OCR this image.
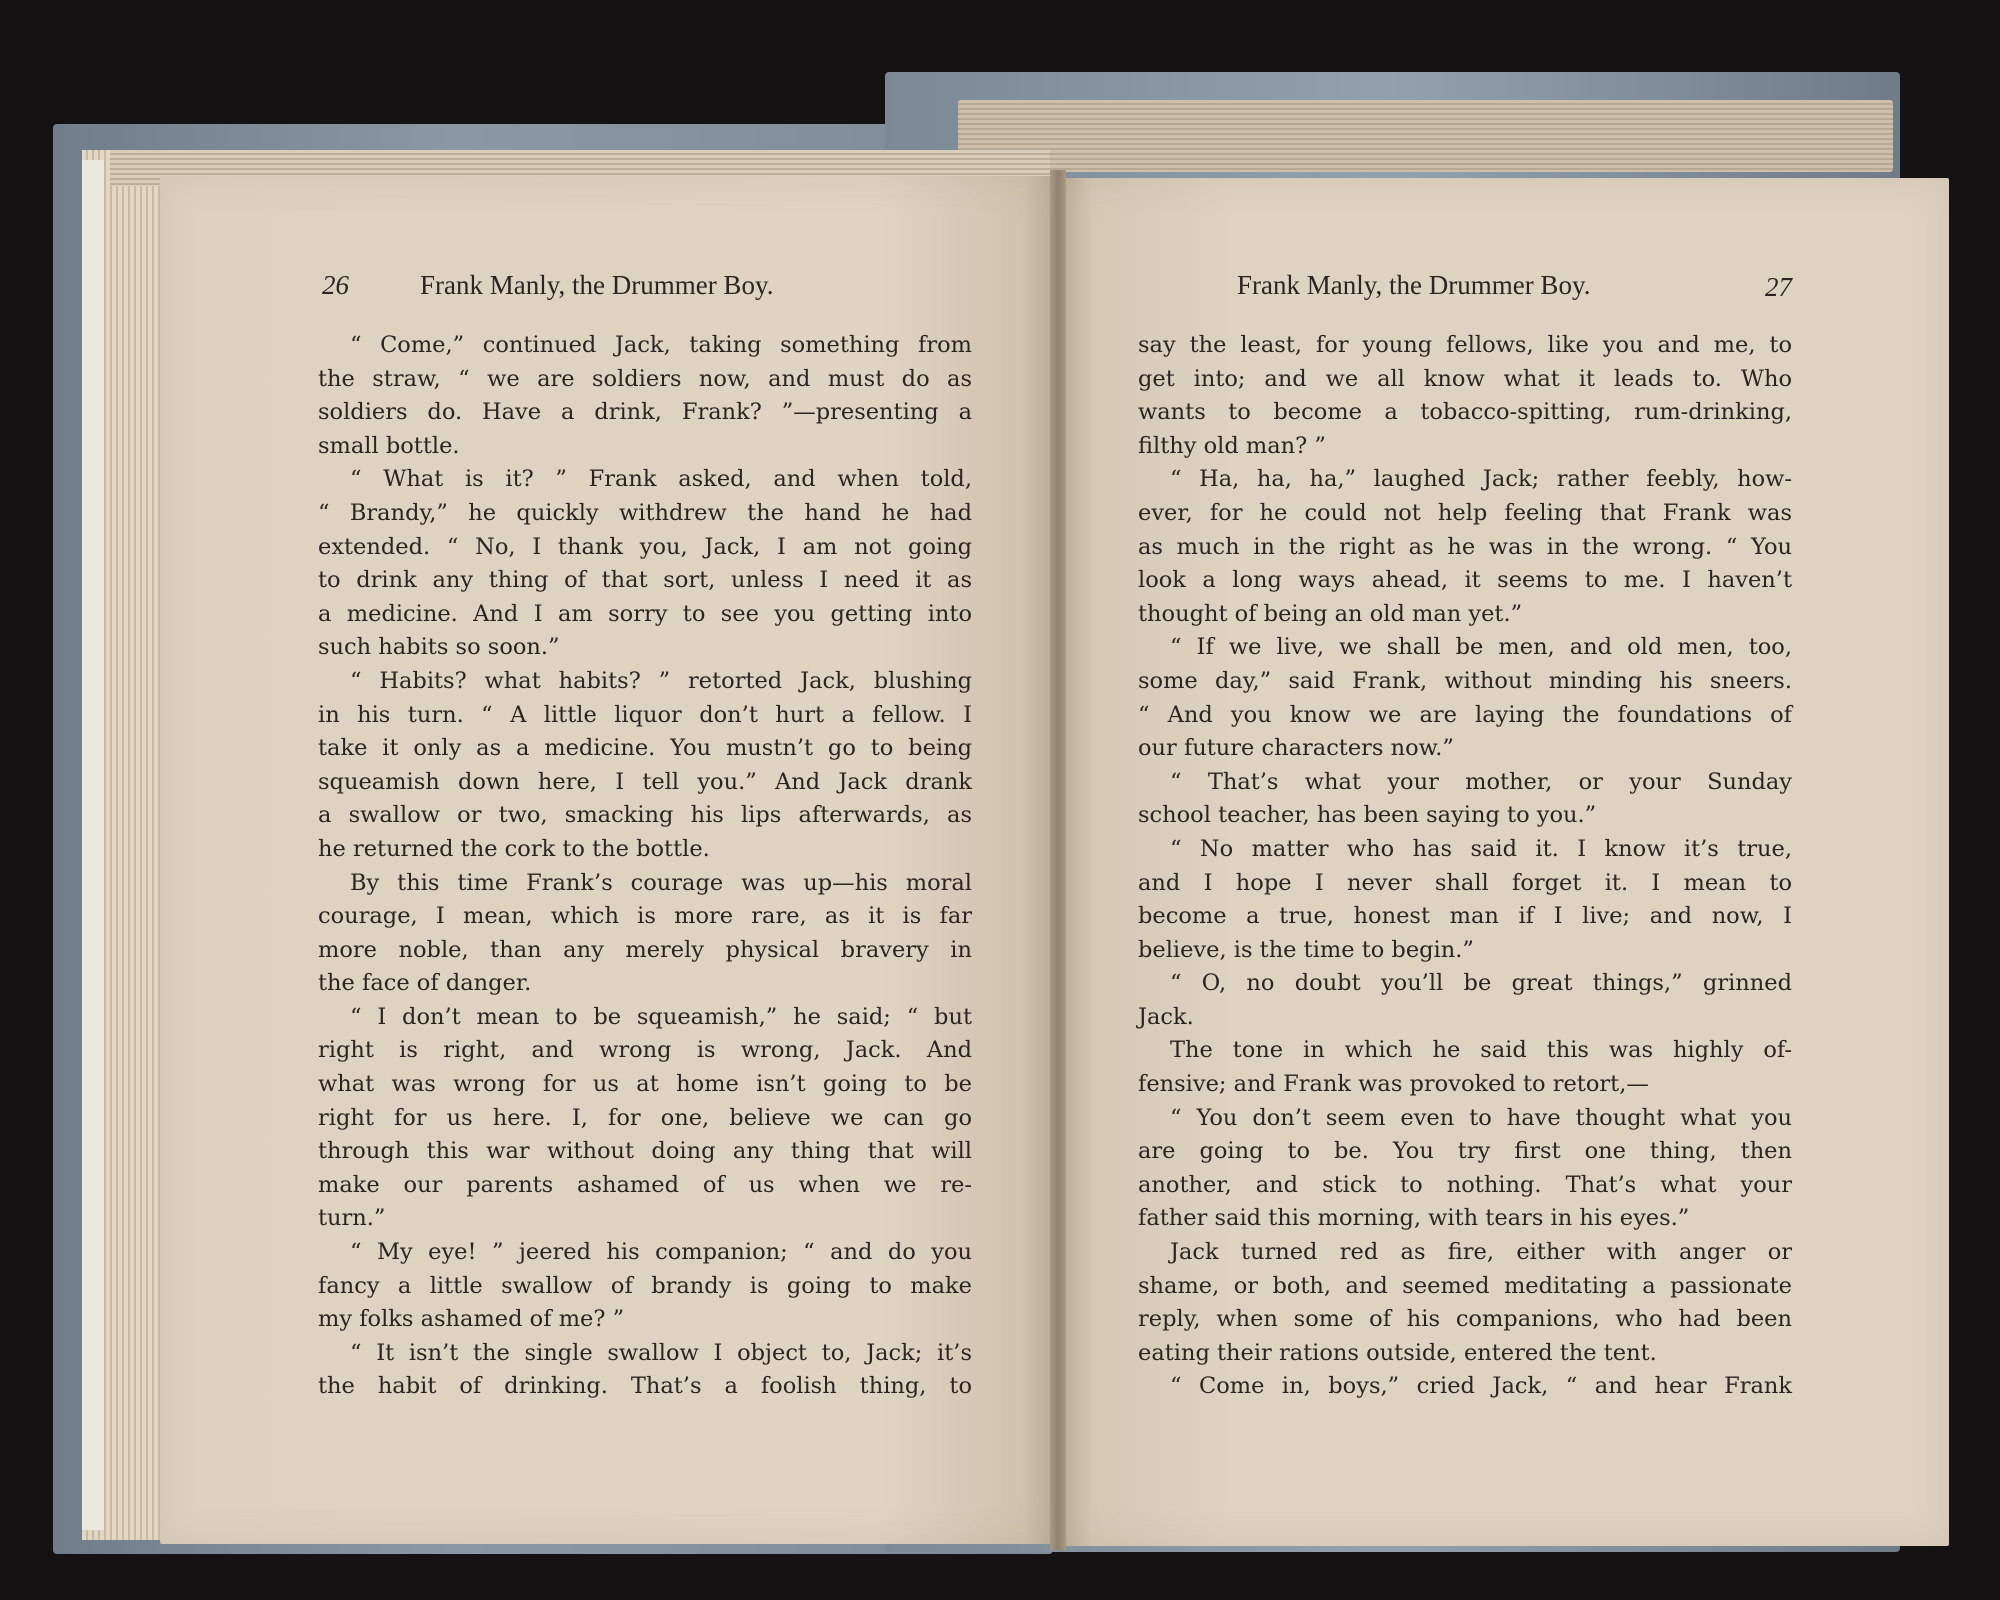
26	Frank Manly, the Drummer Boy.	Frank Manly, the Drummer Boy.	27

“ Come,” continued Jack, taking something from

the straw, “ we are soldiers now, and must do as

soldiers do. Have a drink, Frank? ”—presenting a

small bottle.

“ What is it? ” Frank asked, and when told,

“ Brandy,” he quickly withdrew the hand he had

extended. “ No, I thank you, Jack, I am not going

to drink any thing of that sort, unless I need it as

a medicine. And I am sorry to see you getting into

such habits so soon.”

“ Habits? what habits? ” retorted Jack, blushing

in his turn. “ A little liquor don’t hurt a fellow. I

take it only as a medicine. You mustn’t go to being

squeamish down here, I tell you.” And Jack drank

a swallow or two, smacking his lips afterwards, as

he returned the cork to the bottle.

By this time Frank’s courage was up—his moral

courage, I mean, which is more rare, as it is far

more noble, than any merely physical bravery in

the face of danger.

“ I don’t mean to be squeamish,” he said; “ but

right is right, and wrong is wrong, Jack. And

what was wrong for us at home isn’t going to be

right for us here. I, for one, believe we can go

through this war without doing any thing that will

make our parents ashamed of us when we re-

turn.”

“ My eye! ” jeered his companion; “ and do you

fancy a little swallow of brandy is going to make

my folks ashamed of me? ”

“ It isn’t the single swallow I object to, Jack; it’s

the habit of drinking. That’s a foolish thing, to

say the least, for young fellows, like you and me, to

get into; and we all know what it leads to. Who

wants to become a tobacco-spitting, rum-drinking,

filthy old man? ”

“ Ha, ha, ha,” laughed Jack; rather feebly, how-

ever, for he could not help feeling that Frank was

as much in the right as he was in the wrong. “ You

look a long ways ahead, it seems to me. I haven’t

thought of being an old man yet.”

“ If we live, we shall be men, and old men, too,

some day,” said Frank, without minding his sneers.

“ And you know we are laying the foundations of

our future characters now.”

“ That’s what your mother, or your Sunday

school teacher, has been saying to you.”

“ No matter who has said it. I know it’s true,

and I hope I never shall forget it. I mean to

become a true, honest man if I live; and now, I

believe, is the time to begin.”

“ O, no doubt you’ll be great things,” grinned

Jack.

The tone in which he said this was highly of-

fensive; and Frank was provoked to retort,—

“ You don’t seem even to have thought what you

are going to be. You try first one thing, then

another, and stick to nothing. That’s what your

father said this morning, with tears in his eyes.”

Jack turned red as fire, either with anger or

shame, or both, and seemed meditating a passionate

reply, when some of his companions, who had been

eating their rations outside, entered the tent.

“ Come in, boys,” cried Jack, “ and hear Frank
